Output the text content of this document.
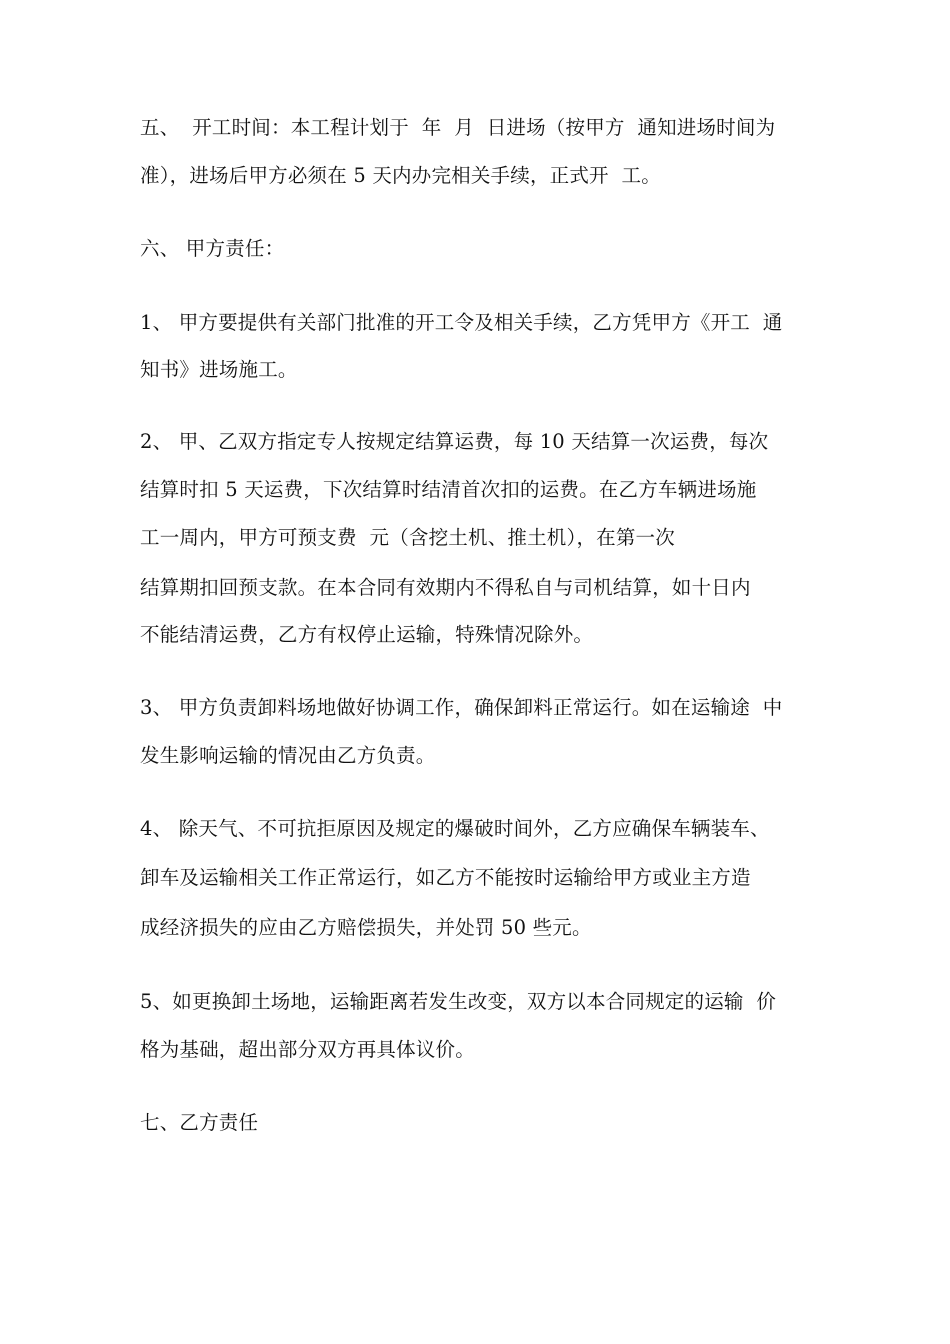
五、  开工时间：本工程计划于  年  月  日进场（按甲方  通知进场时间为
准），进场后甲方必须在 5 天内办完相关手续，正式开  工。
六、 甲方责任：
1、 甲方要提供有关部门批准的开工令及相关手续，乙方凭甲方《开工  通
知书》进场施工。
2、 甲、乙双方指定专人按规定结算运费，每 10 天结算一次运费，每次
结算时扣 5 天运费，下次结算时结清首次扣的运费。在乙方车辆进场施
工一周内，甲方可预支费  元（含挖土机、推土机），在第一次
结算期扣回预支款。在本合同有效期内不得私自与司机结算，如十日内
不能结清运费，乙方有权停止运输，特殊情况除外。
3、 甲方负责卸料场地做好协调工作，确保卸料正常运行。如在运输途  中
发生影响运输的情况由乙方负责。
4、 除天气、不可抗拒原因及规定的爆破时间外，乙方应确保车辆装车、
卸车及运输相关工作正常运行，如乙方不能按时运输给甲方或业主方造
成经济损失的应由乙方赔偿损失，并处罚 50 些元。
5、如更换卸土场地，运输距离若发生改变，双方以本合同规定的运输  价
格为基础，超出部分双方再具体议价。
七、乙方责任
